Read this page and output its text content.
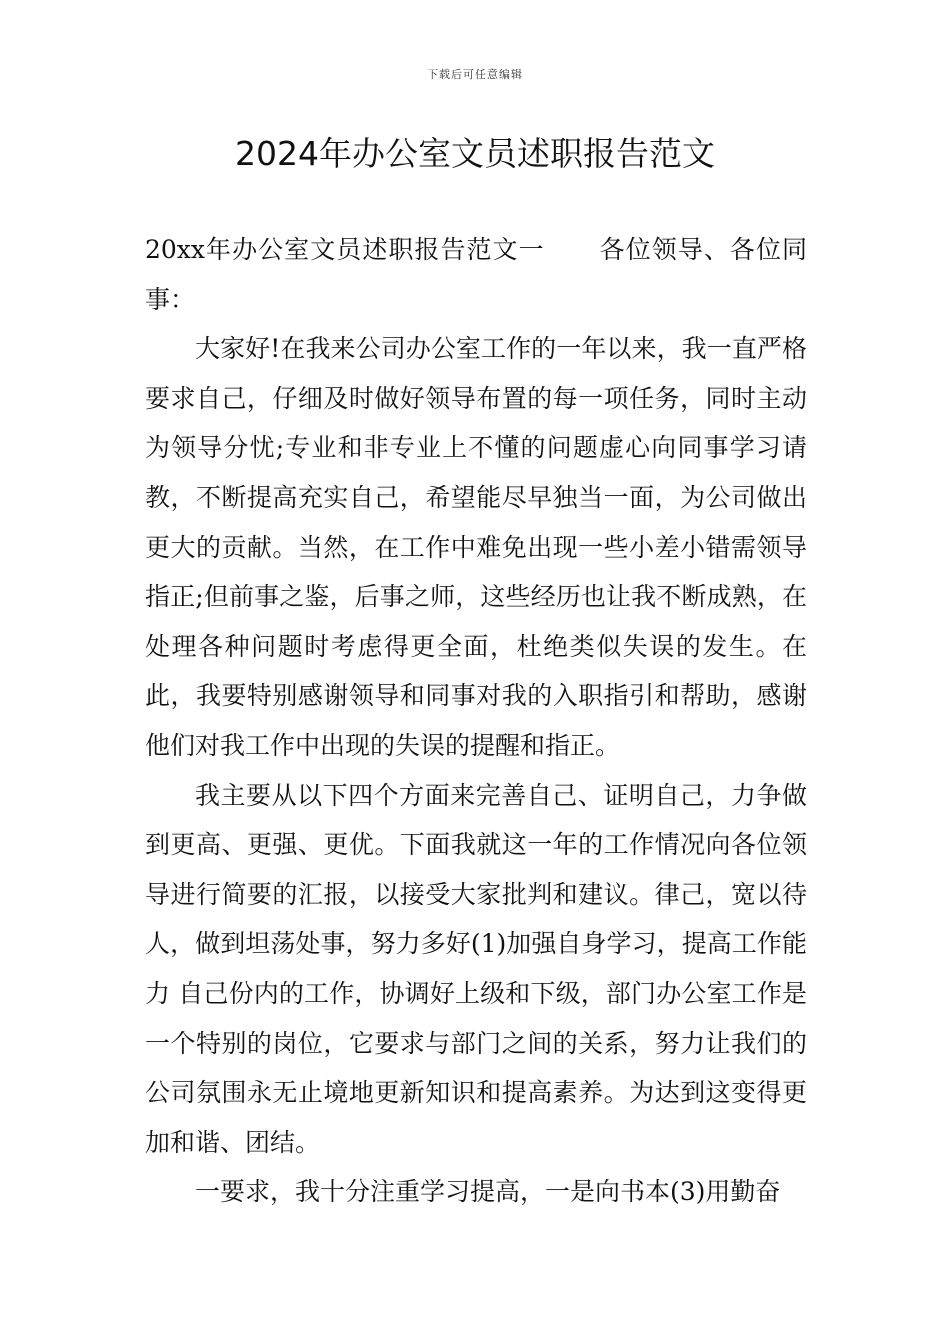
下载后可任意编辑
2024年办公室文员述职报告范文

20xx年办公室文员述职报告范文一 各位领导、各位同事：

大家好!在我来公司办公室工作的一年以来，我一直严格要求自己，仔细及时做好领导布置的每一项任务，同时主动为领导分忧;专业和非专业上不懂的问题虚心向同事学习请教，不断提高充实自己，希望能尽早独当一面，为公司做出更大的贡献。当然，在工作中难免出现一些小差小错需领导指正;但前事之鉴，后事之师，这些经历也让我不断成熟，在处理各种问题时考虑得更全面，杜绝类似失误的发生。在此，我要特别感谢领导和同事对我的入职指引和帮助，感谢他们对我工作中出现的失误的提醒和指正。

我主要从以下四个方面来完善自己、证明自己，力争做到更高、更强、更优。下面我就这一年的工作情况向各位领导进行简要的汇报，以接受大家批判和建议。律己，宽以待人，做到坦荡处事，努力多好(1)加强自身学习，提高工作能力 自己份内的工作，协调好上级和下级，部门办公室工作是一个特别的岗位，它要求与部门之间的关系，努力让我们的公司氛围永无止境地更新知识和提高素养。为达到这变得更加和谐、团结。

一要求，我十分注重学习提高，一是向书本(3)用勤奋
